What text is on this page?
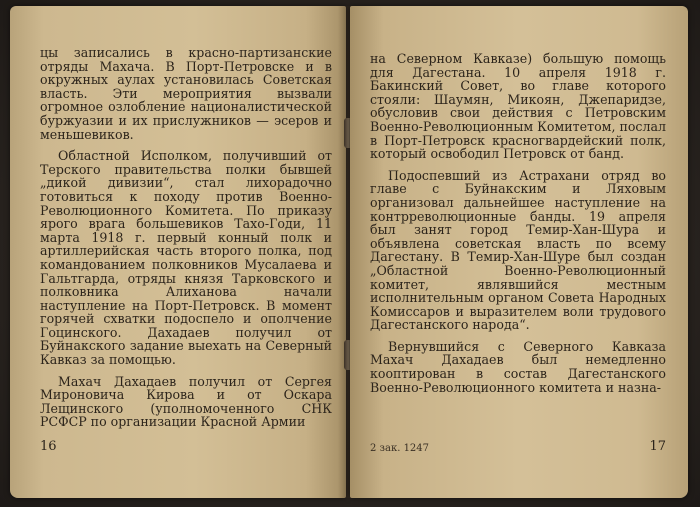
цы записались в красно-партизанские отряды Махача. В Порт-Петровске и в окружных аулах установилась Советская власть. Эти мероприятия вызвали огромное озлобление националистической буржуазии и их прислужников — эсеров и меньшевиков.

Областной Исполком, получивший от Терского правительства полки бывшей „дикой дивизии“, стал лихорадочно готовиться к походу против Военно-Революционного Комитета. По приказу ярого врага большевиков Тахо-Годи, 11 марта 1918 г. первый конный полк и артиллерийская часть второго полка, под командованием полковников Мусалаева и Гальтгарда, отряды князя Тарковского и полковника Алиханова начали наступление на Порт-Петровск. В момент горячей схватки подоспело и ополчение Гоцинского. Дахадаев получил от Буйнакского задание выехать на Северный Кавказ за помощью.

Махач Дахадаев получил от Сергея Мироновича Кирова и от Оскара Лещинского (уполномоченного СНК РСФСР по организации Красной Армии

16

на Северном Кавказе) большую помощь для Дагестана. 10 апреля 1918 г. Бакинский Совет, во главе которого стояли: Шаумян, Микоян, Джепаридзе, обусловив свои действия с Петровским Военно-Революционным Комитетом, послал в Порт-Петровск красногвардейский полк, который освободил Петровск от банд.

Подоспевший из Астрахани отряд во главе с Буйнакским и Ляховым организовал дальнейшее наступление на контрреволюционные банды. 19 апреля был занят город Темир-Хан-Шура и объявлена советская власть по всему Дагестану. В Темир-Хан-Шуре был создан „Областной Военно-Революционный комитет, являвшийся местным исполнительным органом Совета Народных Комиссаров и выразителем воли трудового Дагестанского народа“.

Вернувшийся с Северного Кавказа Махач Дахадаев был немедленно кооптирован в состав Дагестанского Военно-Революционного комитета и назна-

2 зак. 1247	17
